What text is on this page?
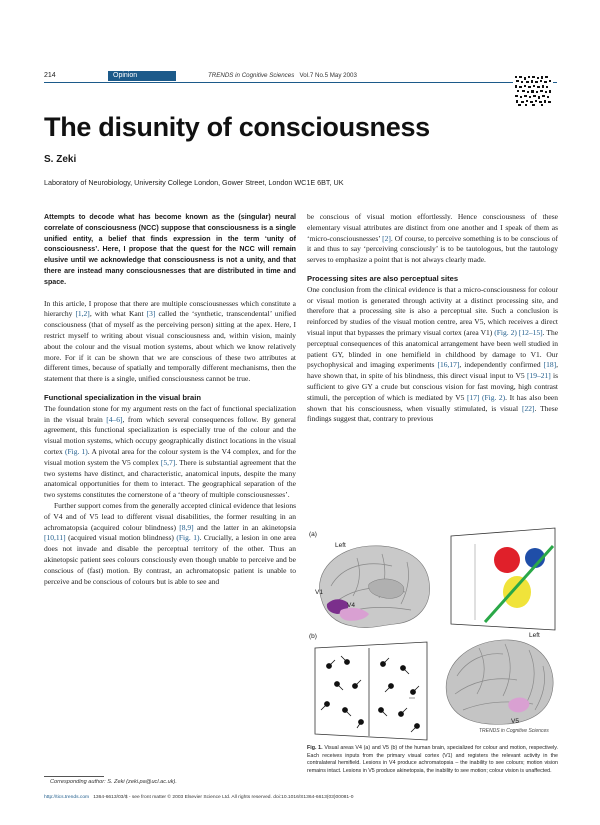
214	Opinion	TRENDS in Cognitive Sciences Vol.7 No.5 May 2003
The disunity of consciousness
S. Zeki
Laboratory of Neurobiology, University College London, Gower Street, London WC1E 6BT, UK

Attempts to decode what has become known as the (singular) neural correlate of consciousness (NCC) suppose that consciousness is a single unified entity, a belief that finds expression in the term ‘unity of consciousness’. Here, I propose that the quest for the NCC will remain elusive until we acknowledge that consciousness is not a unity, and that there are instead many consciousnesses that are distributed in time and space.

In this article, I propose that there are multiple consciousnesses which constitute a hierarchy [1,2], with what Kant [3] called the ‘synthetic, transcendental’ unified consciousness (that of myself as the perceiving person) sitting at the apex. Here, I restrict myself to writing about visual consciousness and, within vision, mainly about the colour and the visual motion systems, about which we know relatively more. For if it can be shown that we are conscious of these two attributes at different times, because of spatially and temporally different mechanisms, then the statement that there is a single, unified consciousness cannot be true.

Functional specialization in the visual brain

The foundation stone for my argument rests on the fact of functional specialization in the visual brain [4–6], from which several consequences follow. By general agreement, this functional specialization is especially true of the colour and the visual motion systems, which occupy geographically distinct locations in the visual cortex (Fig. 1). A pivotal area for the colour system is the V4 complex, and for the visual motion system the V5 complex [5,7]. There is substantial agreement that the two systems have distinct, and characteristic, anatomical inputs, despite the many anatomical opportunities for them to interact. The geographical separation of the two systems constitutes the cornerstone of a ‘theory of multiple consciousnesses’.

Further support comes from the generally accepted clinical evidence that lesions of V4 and of V5 lead to different visual disabilities, the former resulting in an achromatopsia (acquired colour blindness) [8,9] and the latter in an akinetopsia [10,11] (acquired visual motion blindness) (Fig. 1). Crucially, a lesion in one area does not invade and disable the perceptual territory of the other. Thus an akinetopsic patient sees colours consciously even though unable to perceive and be conscious of (fast) motion. By contrast, an achromatopsic patient is unable to perceive and be conscious of colours but is able to see and

be conscious of visual motion effortlessly. Hence consciousness of these elementary visual attributes are distinct from one another and I speak of them as ‘micro-consciousnesses’ [2]. Of course, to perceive something is to be conscious of it and thus to say ‘perceiving consciously’ is to be tautologous, but the tautology serves to emphasize a point that is not always clearly made.

Processing sites are also perceptual sites

One conclusion from the clinical evidence is that a micro-consciousness for colour or visual motion is generated through activity at a distinct processing site, and therefore that a processing site is also a perceptual site. Such a conclusion is reinforced by studies of the visual motion centre, area V5, which receives a direct visual input that bypasses the primary visual cortex (area V1) (Fig. 2) [12–15]. The perceptual consequences of this anatomical arrangement have been well studied in patient GY, blinded in one hemifield in childhood by damage to V1. Our psychophysical and imaging experiments [16,17], independently confirmed [18], have shown that, in spite of his blindness, this direct visual input to V5 [19–21] is sufficient to give GY a crude but conscious vision for fast moving, high contrast stimuli, the perception of which is mediated by V5 [17] (Fig. 2). It has also been shown that his consciousness, when visually stimulated, is visual [22]. These findings suggest that, contrary to previous

(a)
Left
V1
V4
(b)	Left
V5
TRENDS in Cognitive Sciences
Fig. 1. Visual areas V4 (a) and V5 (b) of the human brain, specialized for colour and motion, respectively. Each receives inputs from the primary visual cortex (V1) and registers the relevant activity in the contralateral hemifield. Lesions in V4 produce achromatopsia – the inability to see colours; motion vision remains intact. Lesions in V5 produce akinetopsia, the inability to see motion; colour vision is unaffected.
Corresponding author: S. Zeki (zeki.pa@ucl.ac.uk).
http://tics.trends.com 1364-6613/03/$ - see front matter © 2003 Elsevier Science Ltd. All rights reserved. doi:10.1016/S1364-6613(03)00081-0
